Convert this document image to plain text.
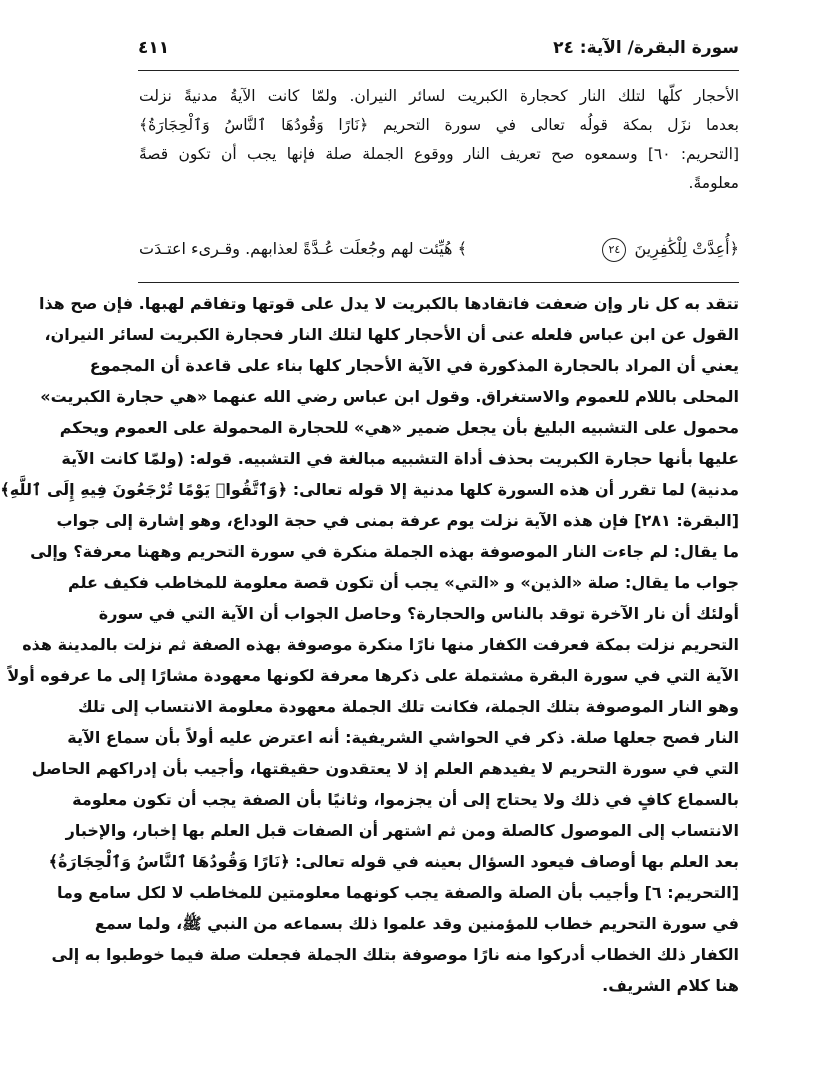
سورة البقرة/ الآية: ٢٤
٤١١
الأحجار كلّها لتلك النار كحجارة الكبريت لسائر النيران. ولمّا كانت الآيةُ مدنيةً نزلت
بعدما نزَل بمكة قولُه تعالى في سورة التحريم ﴿نَارًا وَقُودُهَا ٱلنَّاسُ وَٱلْحِجَارَةُ﴾
[التحريم: ٦٠] وسمعوه صح تعريف النار ووقوع الجملة صلة فإنها يجب أن تكون قصةً
معلومةً.
﴿أُعِدَّتْ لِلْكَٰفِرِينَ ٢٤
﴾ هُيِّئت لهم وجُعلَت عُـدَّةً لعذابهم. وقـرىء اعتـدَت
تتقد به كل نار وإن ضعفت فاتقادها بالكبريت لا يدل على قوتها وتفاقم لهبها. فإن صح هذا
القول عن ابن عباس فلعله عنى أن الأحجار كلها لتلك النار فحجارة الكبريت لسائر النيران،
يعني أن المراد بالحجارة المذكورة في الآية الأحجار كلها بناء على قاعدة أن المجموع
المحلى باللام للعموم والاستغراق. وقول ابن عباس رضي الله عنهما «هي حجارة الكبريت»
محمول على التشبيه البليغ بأن يجعل ضمير «هي» للحجارة المحمولة على العموم ويحكم
عليها بأنها حجارة الكبريت بحذف أداة التشبيه مبالغة في التشبيه. قوله: (ولمّا كانت الآية
مدنية) لما تقرر أن هذه السورة كلها مدنية إلا قوله تعالى: ﴿وَٱتَّقُوا۟ يَوْمًا تُرْجَعُونَ فِيهِ إِلَى ٱللَّهِ﴾
[البقرة: ٢٨١] فإن هذه الآية نزلت يوم عرفة بمنى في حجة الوداع، وهو إشارة إلى جواب
ما يقال: لم جاءت النار الموصوفة بهذه الجملة منكرة في سورة التحريم وههنا معرفة؟ وإلى
جواب ما يقال: صلة «الذين» و «التي» يجب أن تكون قصة معلومة للمخاطب فكيف علم
أولئك أن نار الآخرة توقد بالناس والحجارة؟ وحاصل الجواب أن الآية التي في سورة
التحريم نزلت بمكة فعرفت الكفار منها نارًا منكرة موصوفة بهذه الصفة ثم نزلت بالمدينة هذه
الآية التي في سورة البقرة مشتملة على ذكرها معرفة لكونها معهودة مشارًا إلى ما عرفوه أولاً
وهو النار الموصوفة بتلك الجملة، فكانت تلك الجملة معهودة معلومة الانتساب إلى تلك
النار فصح جعلها صلة. ذكر في الحواشي الشريفية: أنه اعترض عليه أولاً بأن سماع الآية
التي في سورة التحريم لا يفيدهم العلم إذ لا يعتقدون حقيقتها، وأجيب بأن إدراكهم الحاصل
بالسماع كافٍ في ذلك ولا يحتاج إلى أن يجزموا، وثانيًا بأن الصفة يجب أن تكون معلومة
الانتساب إلى الموصول كالصلة ومن ثم اشتهر أن الصفات قبل العلم بها إخبار، والإخبار
بعد العلم بها أوصاف فيعود السؤال بعينه في قوله تعالى: ﴿نَارًا وَقُودُهَا ٱلنَّاسُ وَٱلْحِجَارَةُ﴾
[التحريم: ٦] وأجيب بأن الصلة والصفة يجب كونهما معلومتين للمخاطب لا لكل سامع وما
في سورة التحريم خطاب للمؤمنين وقد علموا ذلك بسماعه من النبي ﷺ، ولما سمع
الكفار ذلك الخطاب أدركوا منه نارًا موصوفة بتلك الجملة فجعلت صلة فيما خوطبوا به إلى
هنا كلام الشريف.
